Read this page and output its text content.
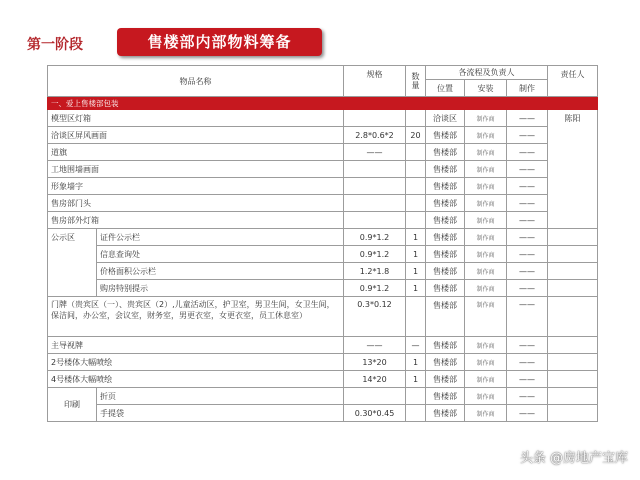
第一阶段	售楼部内部物料筹备
物品名称		规格	数量	各流程及负责人			责任人
				位置	安装	制作	
一、爱上售楼部包装							
模型区灯箱				洽谈区	制作商	——	陈阳
洽谈区屏风画面		2.8*0.6*2	20	售楼部	制作商	——	
道旗		——		售楼部	制作商	——	
工地围墙画面				售楼部	制作商	——	
形象墙字				售楼部	制作商	——	
售房部门头				售楼部	制作商	——	
售房部外灯箱				售楼部	制作商	——	
公示区	证件公示栏	0.9*1.2	1	售楼部	制作商	——	
	信息查询处	0.9*1.2	1	售楼部	制作商	——	
	价格面积公示栏	1.2*1.8	1	售楼部	制作商	——	
	购房特别提示	0.9*1.2	1	售楼部	制作商	——	
门牌（贵宾区（一）、贵宾区（2）,儿童活动区，护卫室，男卫生间，女卫生间，保洁间，办公室，会议室，财务室，男更衣室，女更衣室，员工休息室）		0.3*0.12		售楼部	制作商	——	
主导视牌		——	—	售楼部	制作商	——	
2号楼体大幅喷绘		13*20	1	售楼部	制作商	——	
4号楼体大幅喷绘		14*20	1	售楼部	制作商	——	
印刷	折页			售楼部	制作商	——	
	手提袋	0.30*0.45		售楼部	制作商	——	
头条 @房地产宝库
